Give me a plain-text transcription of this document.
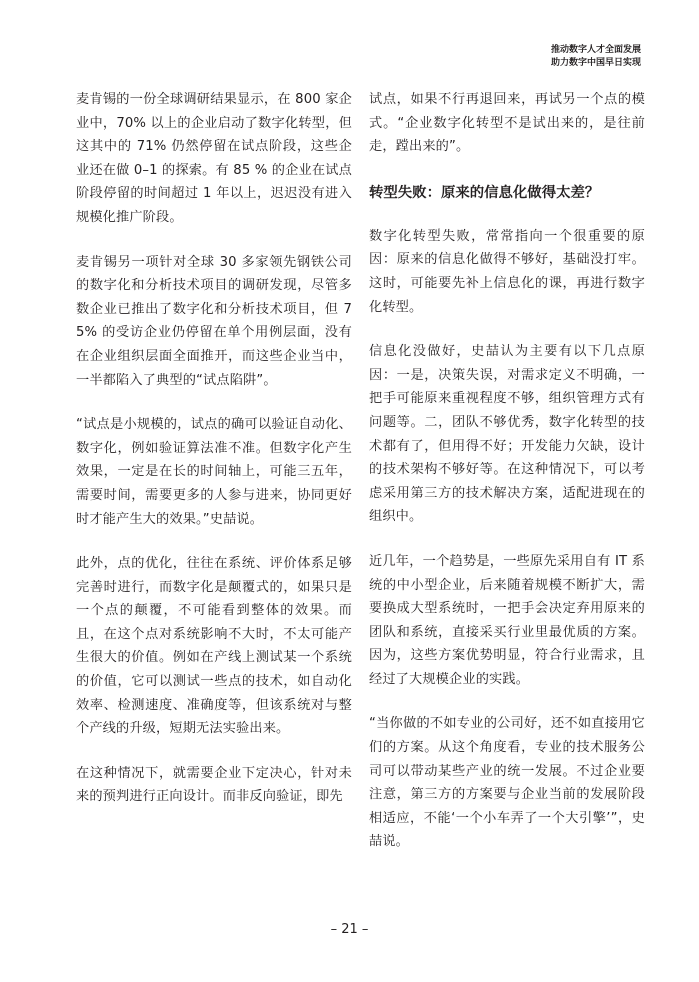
推动数字人才全面发展
助力数字中国早日实现

麦肯锡的一份全球调研结果显示，在 800 家企业中，70% 以上的企业启动了数字化转型，但这其中的 71% 仍然停留在试点阶段，这些企业还在做 0–1 的探索。有 85 % 的企业在试点阶段停留的时间超过 1 年以上，迟迟没有进入规模化推广阶段。

麦肯锡另一项针对全球 30 多家领先钢铁公司的数字化和分析技术项目的调研发现，尽管多数企业已推出了数字化和分析技术项目，但 75% 的受访企业仍停留在单个用例层面，没有在企业组织层面全面推开，而这些企业当中，一半都陷入了典型的“试点陷阱”。

“试点是小规模的，试点的确可以验证自动化、数字化，例如验证算法准不准。但数字化产生效果，一定是在长的时间轴上，可能三五年，需要时间，需要更多的人参与进来，协同更好时才能产生大的效果。”史喆说。

此外，点的优化，往往在系统、评价体系足够完善时进行，而数字化是颠覆式的，如果只是一个点的颠覆，不可能看到整体的效果。而且，在这个点对系统影响不大时，不太可能产生很大的价值。例如在产线上测试某一个系统的价值，它可以测试一些点的技术，如自动化效率、检测速度、准确度等，但该系统对与整个产线的升级，短期无法实验出来。

在这种情况下，就需要企业下定决心，针对未来的预判进行正向设计。而非反向验证，即先

试点，如果不行再退回来，再试另一个点的模式。“企业数字化转型不是试出来的，是往前走，蹚出来的”。

转型失败：原来的信息化做得太差？

数字化转型失败，常常指向一个很重要的原因：原来的信息化做得不够好，基础没打牢。这时，可能要先补上信息化的课，再进行数字化转型。

信息化没做好，史喆认为主要有以下几点原因：一是，决策失误，对需求定义不明确，一把手可能原来重视程度不够，组织管理方式有问题等。二，团队不够优秀，数字化转型的技术都有了，但用得不好；开发能力欠缺，设计的技术架构不够好等。在这种情况下，可以考虑采用第三方的技术解决方案，适配进现在的组织中。

近几年，一个趋势是，一些原先采用自有 IT 系统的中小型企业，后来随着规模不断扩大，需要换成大型系统时，一把手会决定弃用原来的团队和系统，直接采买行业里最优质的方案。因为，这些方案优势明显，符合行业需求，且经过了大规模企业的实践。

“当你做的不如专业的公司好，还不如直接用它们的方案。从这个角度看，专业的技术服务公司可以带动某些产业的统一发展。不过企业要注意，第三方的方案要与企业当前的发展阶段相适应，不能‘一个小车弄了一个大引擎’”，史喆说。

– 21 –
